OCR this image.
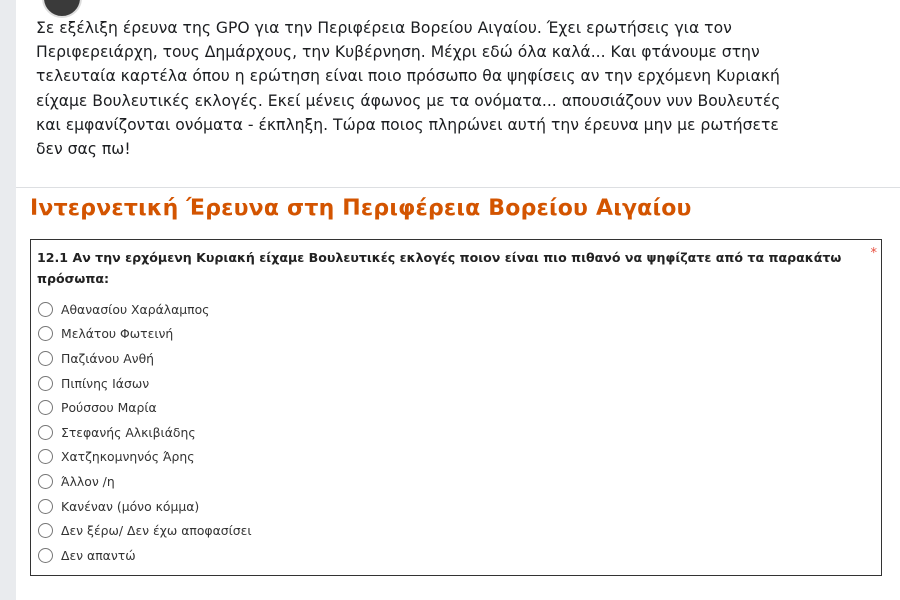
Σε εξέλιξη έρευνα της GPO για την Περιφέρεια Βορείου Αιγαίου. Έχει ερωτήσεις για τον
Περιφερειάρχη, τους Δημάρχους, την Κυβέρνηση. Μέχρι εδώ όλα καλά... Και φτάνουμε στην
τελευταία καρτέλα όπου η ερώτηση είναι ποιο πρόσωπο θα ψηφίσεις αν την ερχόμενη Κυριακή
είχαμε Βουλευτικές εκλογές. Εκεί μένεις άφωνος με τα ονόματα... απουσιάζουν νυν Βουλευτές
και εμφανίζονται ονόματα - έκπληξη. Τώρα ποιος πληρώνει αυτή την έρευνα μην με ρωτήσετε
δεν σας πω!
Ιντερνετική Έρευνα στη Περιφέρεια Βορείου Αιγαίου
12.1 Αν την ερχόμενη Κυριακή είχαμε Βουλευτικές εκλογές ποιον είναι πιο πιθανό να ψηφίζατε από τα παρακάτω πρόσωπα:
*
Αθανασίου Χαράλαμπος
Μελάτου Φωτεινή
Παζιάνου Ανθή
Πιπίνης Ιάσων
Ρούσσου Μαρία
Στεφανής Αλκιβιάδης
Χατζηκομνηνός Άρης
Άλλον /η
Κανέναν (μόνο κόμμα)
Δεν ξέρω/ Δεν έχω αποφασίσει
Δεν απαντώ
